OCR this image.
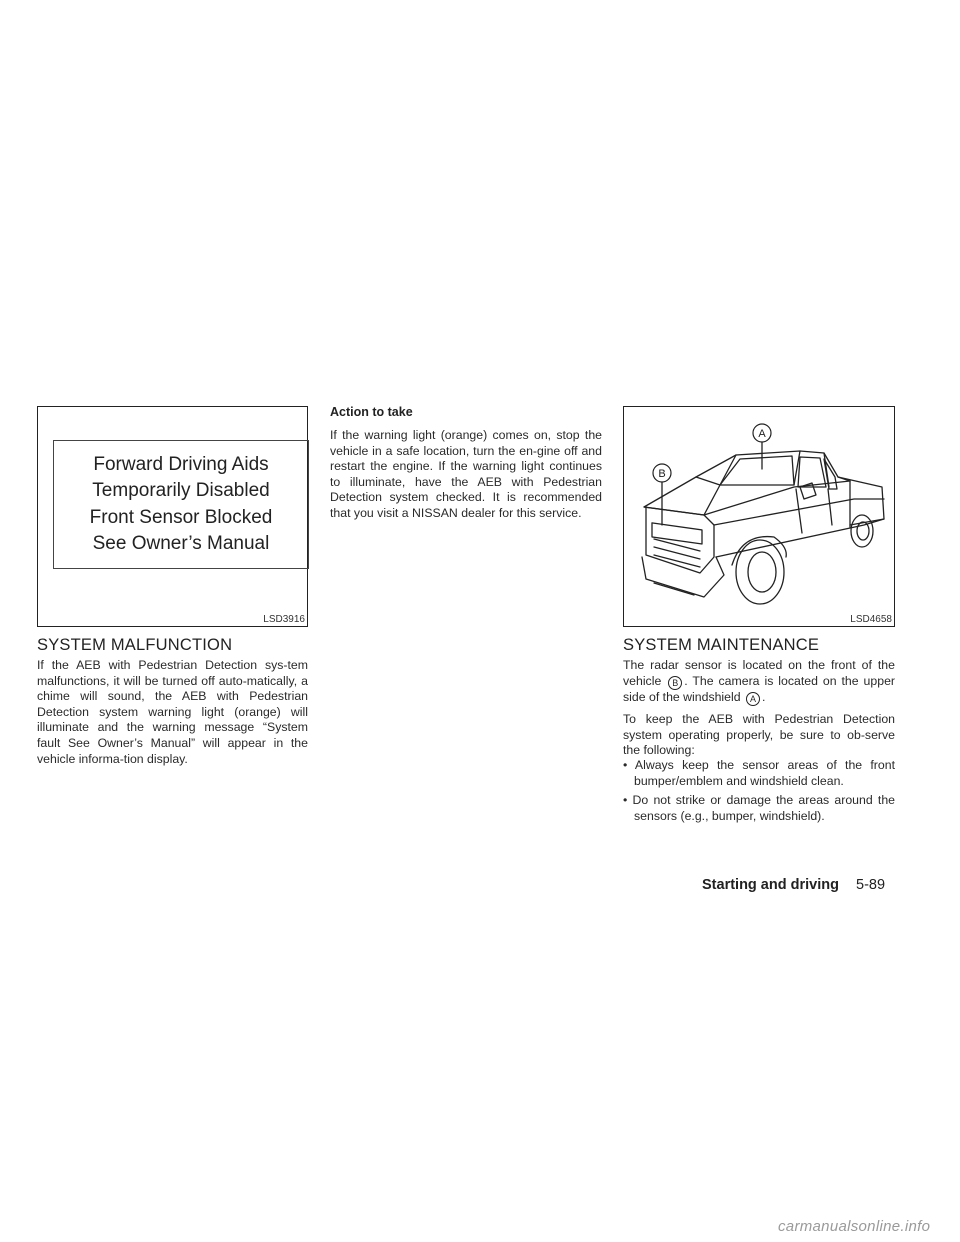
Forward Driving Aids
Temporarily Disabled
Front Sensor Blocked
See Owner’s Manual
LSD3916
SYSTEM MALFUNCTION

If the AEB with Pedestrian Detection sys-tem malfunctions, it will be turned off auto-matically, a chime will sound, the AEB with Pedestrian Detection system warning light (orange) will illuminate and the warning message “System fault See Owner’s Manual” will appear in the vehicle informa-tion display.

Action to take

If the warning light (orange) comes on, stop the vehicle in a safe location, turn the en-gine off and restart the engine. If the warning light continues to illuminate, have the AEB with Pedestrian Detection system checked. It is recommended that you visit a NISSAN dealer for this service.

A
B
LSD4658
SYSTEM MAINTENANCE

The radar sensor is located on the front of the vehicle B . The camera is located on the upper side of the windshield A .

To keep the AEB with Pedestrian Detection system operating properly, be sure to ob-serve the following:

• Always keep the sensor areas of the front bumper/emblem and windshield clean.
• Do not strike or damage the areas around the sensors (e.g., bumper, windshield).
Starting and driving 5-89
carmanualsonline.info
